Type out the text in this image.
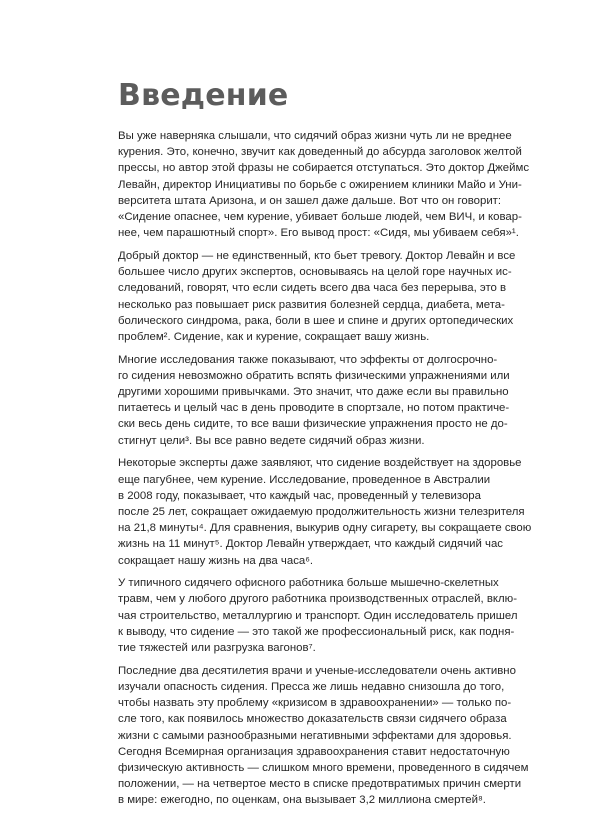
Введение

Вы уже наверняка слышали, что сидячий образ жизни чуть ли не вреднее
курения. Это, конечно, звучит как доведенный до абсурда заголовок желтой
прессы, но автор этой фразы не собирается отступаться. Это доктор Джеймс
Левайн, директор Инициативы по борьбе с ожирением клиники Майо и Уни-
верситета штата Аризона, и он зашел даже дальше. Вот что он говорит:
«Сидение опаснее, чем курение, убивает больше людей, чем ВИЧ, и ковар-
нее, чем парашютный спорт». Его вывод прост: «Сидя, мы убиваем себя»¹.

Добрый доктор — не единственный, кто бьет тревогу. Доктор Левайн и все
большее число других экспертов, основываясь на целой горе научных ис-
следований, говорят, что если сидеть всего два часа без перерыва, это в
несколько раз повышает риск развития болезней сердца, диабета, мета-
болического синдрома, рака, боли в шее и спине и других ортопедических
проблем². Сидение, как и курение, сокращает вашу жизнь.

Многие исследования также показывают, что эффекты от долгосрочно-
го сидения невозможно обратить вспять физическими упражнениями или
другими хорошими привычками. Это значит, что даже если вы правильно
питаетесь и целый час в день проводите в спортзале, но потом практиче-
ски весь день сидите, то все ваши физические упражнения просто не до-
стигнут цели³. Вы все равно ведете сидячий образ жизни.

Некоторые эксперты даже заявляют, что сидение воздействует на здоровье
еще пагубнее, чем курение. Исследование, проведенное в Австралии
в 2008 году, показывает, что каждый час, проведенный у телевизора
после 25 лет, сокращает ожидаемую продолжительность жизни телезрителя
на 21,8 минуты⁴. Для сравнения, выкурив одну сигарету, вы сокращаете свою
жизнь на 11 минут⁵. Доктор Левайн утверждает, что каждый сидячий час
сокращает нашу жизнь на два часа⁶.

У типичного сидячего офисного работника больше мышечно-скелетных
травм, чем у любого другого работника производственных отраслей, вклю-
чая строительство, металлургию и транспорт. Один исследователь пришел
к выводу, что сидение — это такой же профессиональный риск, как подня-
тие тяжестей или разгрузка вагонов⁷.

Последние два десятилетия врачи и ученые-исследователи очень активно
изучали опасность сидения. Пресса же лишь недавно снизошла до того,
чтобы назвать эту проблему «кризисом в здравоохранении» — только по-
сле того, как появилось множество доказательств связи сидячего образа
жизни с самыми разнообразными негативными эффектами для здоровья.
Сегодня Всемирная организация здравоохранения ставит недостаточную
физическую активность — слишком много времени, проведенного в сидячем
положении, — на четвертое место в списке предотвратимых причин смерти
в мире: ежегодно, по оценкам, она вызывает 3,2 миллиона смертей⁸.
